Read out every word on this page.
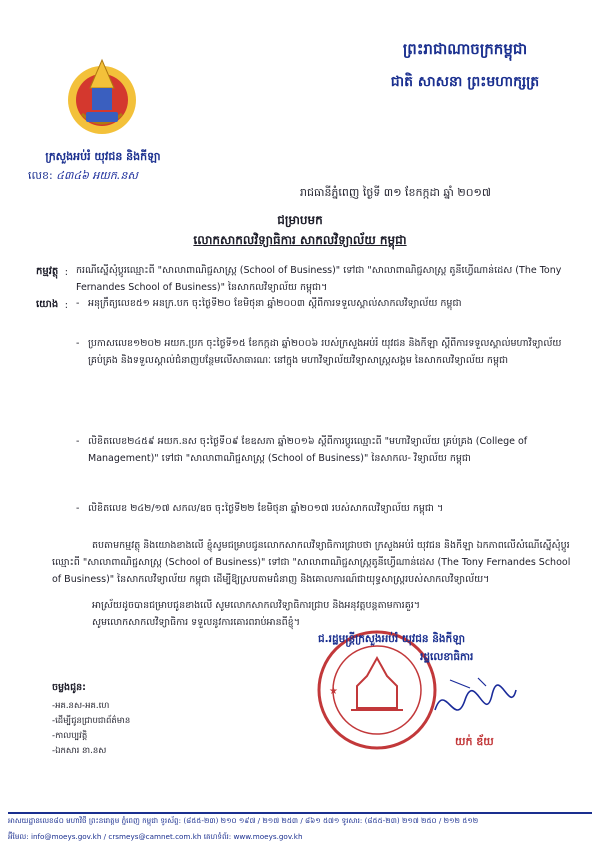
ព្រះរាជាណាចក្រកម្ពុជា
ជាតិ សាសនា ព្រះមហាក្សត្រ
ក្រសួងអប់រំ យុវជន និងកីឡា
លេខ: ៤៣៤៦ អយក.នស
រាជធានីភ្នំពេញ ថ្ងៃទី ៣១ ខែកក្កដា ឆ្នាំ ២០១៧
ជម្រាបមក
លោកសាកលវិទ្យាធិការ សាកលវិទ្យាល័យ កម្ពុជា
កម្មវត្ថុ : ករណីស្នើសុំប្តូរឈ្មោះពី "សាលាពាណិជ្ជសាស្ត្រ (School of Business)" ទៅជា "សាលាពាណិជ្ជសាស្ត្រ តូនីហ្វើណាន់ដេស (The Tony Fernandes School of Business)" នៃសាកលវិទ្យាល័យ កម្ពុជា។
យោង : - អនុក្រឹត្យលេខ៥១ អនក្រ.បក ចុះថ្ងៃទី២០ ខែមិថុនា ឆ្នាំ២០០៣ ស្តីពីការទទួលស្គាល់សាកលវិទ្យាល័យ កម្ពុជា
- ប្រកាសលេខ១២០២ អយក.ប្រក ចុះថ្ងៃទី១៥ ខែកក្កដា ឆ្នាំ២០០៦ របស់ក្រសួងអប់រំ យុវជន និងកីឡា ស្តីពីការទទួលស្គាល់មហាវិទ្យាល័យគ្រប់គ្រង និងទទួលស្គាល់ជំនាញបន្ថែមលើសាធារណៈ នៅក្នុង មហាវិទ្យាល័យវិទ្យាសាស្ត្រសង្គម នៃសាកលវិទ្យាល័យ កម្ពុជា
- លិខិតលេខ២៤៥៩ អយក.នស ចុះថ្ងៃទី០៩ ខែឧសភា ឆ្នាំ២០១៦ ស្តីពីការប្តូរឈ្មោះពី "មហាវិទ្យាល័យ គ្រប់គ្រង (College of Management)" ទៅជា "សាលាពាណិជ្ជសាស្ត្រ (School of Business)" នៃសាកល- វិទ្យាល័យ កម្ពុជា
- លិខិតលេខ ២៤២/១៧ សកល/ឧច ចុះថ្ងៃទី២២ ខែមិថុនា ឆ្នាំ២០១៧ របស់សាកលវិទ្យាល័យ កម្ពុជា ។
តបតាមកម្មវត្ថុ និងយោងខាងលើ ខ្ញុំសូមជម្រាបជូនលោកសាកលវិទ្យាធិការជ្រាបថា ក្រសួងអប់រំ យុវជន និងកីឡា ឯកភាពលើសំណើស្នើសុំប្តូរឈ្មោះពី "សាលាពាណិជ្ជសាស្ត្រ (School of Business)" ទៅជា "សាលាពាណិជ្ជសាស្ត្រតូនីហ្វើណាន់ដេស (The Tony Fernandes School of Business)" នៃសាកលវិទ្យាល័យ កម្ពុជា ដើម្បីឱ្យស្របតាមជំនាញ និងគោលការណ៍ជាយុទ្ធសាស្ត្ររបស់សាកលវិទ្យាល័យ។
អាស្រ័យដូចបានជម្រាបជូនខាងលើ សូមលោកសាកលវិទ្យាធិការជ្រាប និងអនុវត្តបន្តតាមការគួរ។
សូមលោកសាកលវិទ្យាធិការ ទទួលនូវការគោរពរាប់អានពីខ្ញុំ។
★
ជ.រដ្ឋមន្ត្រីក្រសួងអប់រំ យុវជន និងកីឡា
រដ្ឋលេខាធិការ
យក់ ឌ័យ
ចម្លងជូន:
-អគ.នស-អគ.ហេ
-ដើម្បីជូនជ្រាបជាព័ត៌មាន
-កាលប្បវត្តិ
-ឯកសារ នា.នស
អាសយដ្ឋានលេខ៨០ មហាវិថី ព្រះនរោត្តម ភ្នំពេញ កម្ពុជា ទូរស័ព្ទ: (៨៥៥-២៣) ២១០ ១៩៧ / ២១៧ ២៥៣ / ៨៦១ ៥៧១ ទូរសារ: (៨៥៥-២៣) ២១៧ ២៥០ / ២១២ ៥១២
អ៊ីមែល: info@moeys.gov.kh / crsmeys@camnet.com.kh គេហទំព័រ: www.moeys.gov.kh
